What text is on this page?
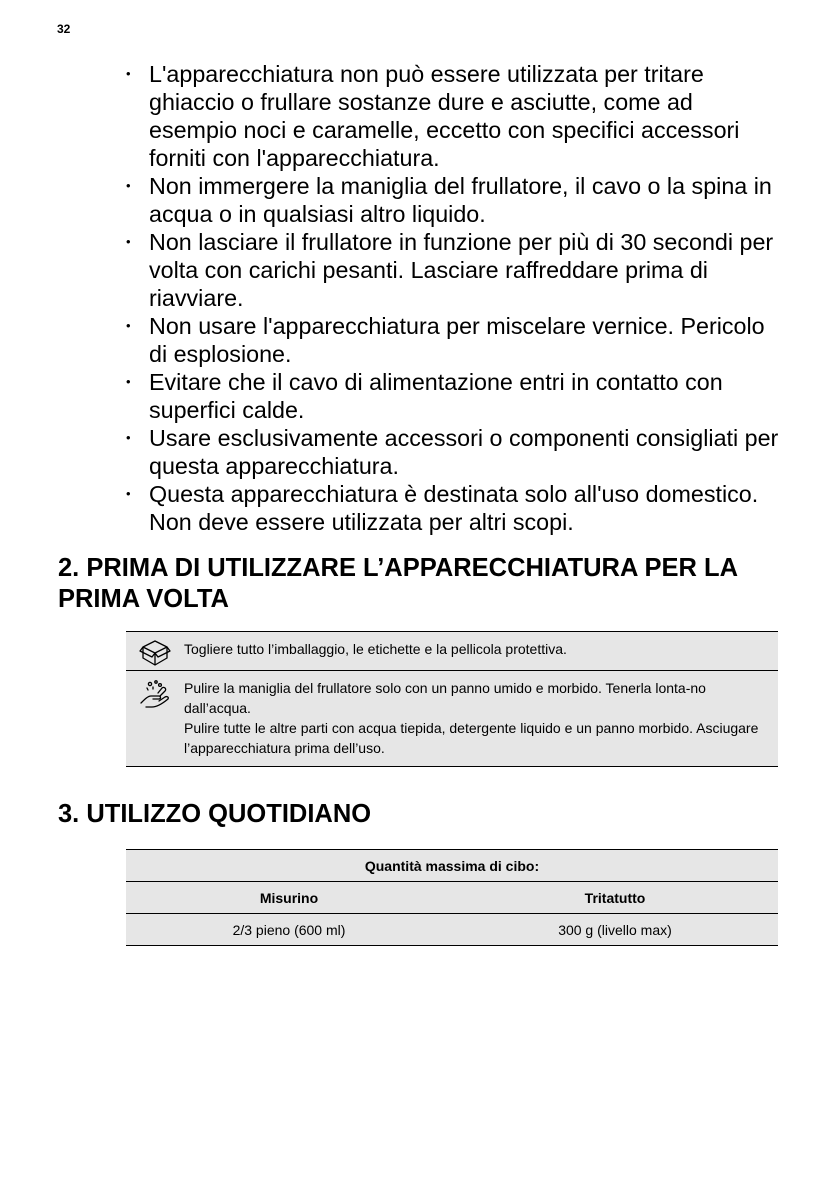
32
• L'apparecchiatura non può essere utilizzata per tritare ghiaccio o frullare sostanze dure e asciutte, come ad esempio noci e caramelle, eccetto con specifici accessori forniti con l'apparecchiatura.
• Non immergere la maniglia del frullatore, il cavo o la spina in acqua o in qualsiasi altro liquido.
• Non lasciare il frullatore in funzione per più di 30 secondi per volta con carichi pesanti. Lasciare raffreddare prima di riavviare.
• Non usare l'apparecchiatura per miscelare vernice. Pericolo di esplosione.
• Evitare che il cavo di alimentazione entri in contatto con superfici calde.
• Usare esclusivamente accessori o componenti consigliati per questa apparecchiatura.
• Questa apparecchiatura è destinata solo all'uso domestico. Non deve essere utilizzata per altri scopi.
2. PRIMA DI UTILIZZARE L’APPARECCHIATURA PER LA PRIMA VOLTA

Togliere tutto l’imballaggio, le etichette e la pellicola protettiva.

Pulire la maniglia del frullatore solo con un panno umido e morbido. Tenerla lonta-no dall’acqua.

Pulire tutte le altre parti con acqua tiepida, detergente liquido e un panno morbido. Asciugare l’apparecchiatura prima dell’uso.

3. UTILIZZO QUOTIDIANO
Quantità massima di cibo:	
Misurino	Tritatutto
2/3 pieno (600 ml)	300 g (livello max)
